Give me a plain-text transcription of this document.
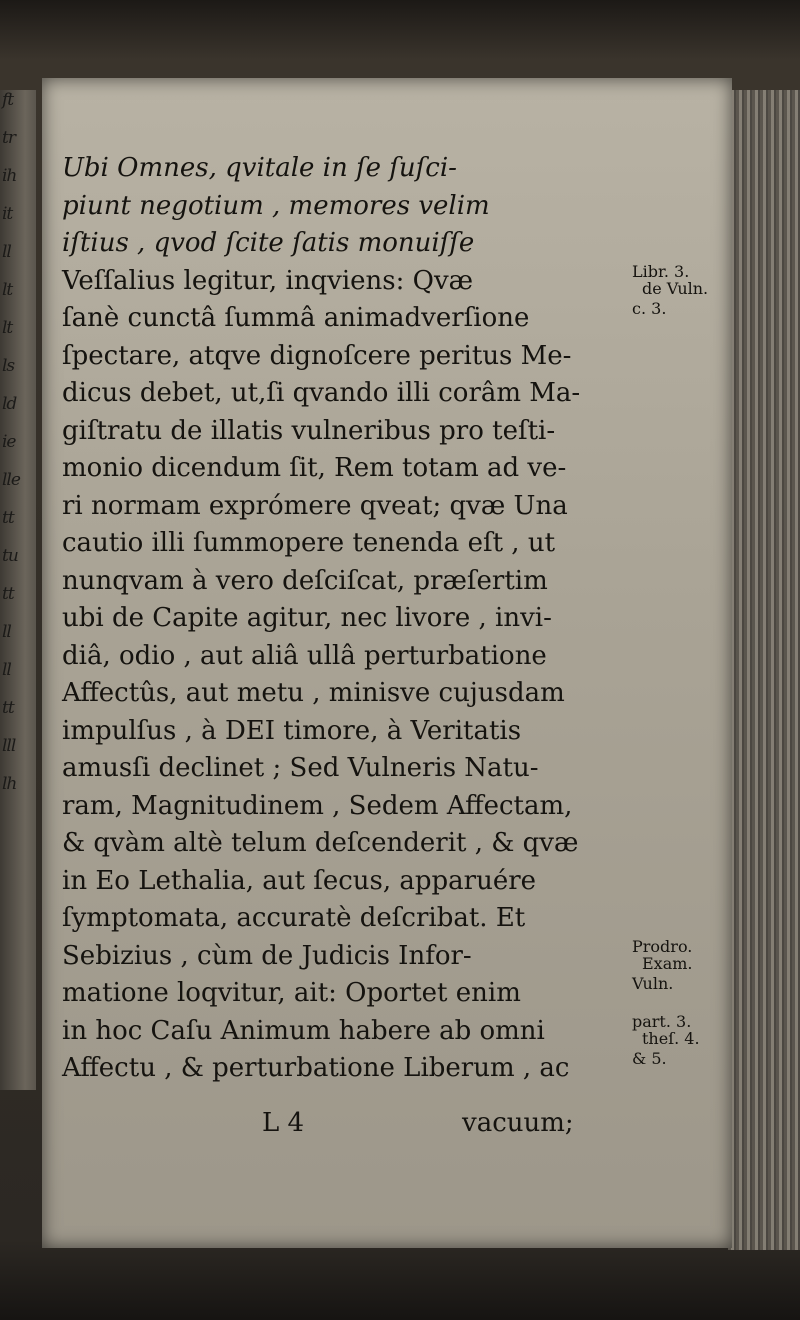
ft
tr
ih
it
ll
lt
lt
ls
ld
ie
lle
tt
tu
tt
ll
ll
tt
lll
lh
Ubi Omnes, qvitale in ſe ſuſci-
piunt negotium , memores velim
iſtius , qvod ſcite ſatis monuiſſe
Veſſalius legitur, inqviens: Qvæ
ſanè cunctâ ſummâ animadverſione
ſpectare, atqve dignoſcere peritus Me-
dicus debet, ut,ſi qvando illi corâm Ma-
giſtratu de illatis vulneribus pro teſti-
monio dicendum ſit, Rem totam ad ve-
ri normam exprómere qveat; qvæ Una
cautio illi ſummopere tenenda eſt , ut
nunqvam à vero deſciſcat, præſertim
ubi de Capite agitur, nec livore , invi-
diâ, odio , aut aliâ ullâ perturbatione
Affectûs, aut metu , minisve cujusdam
impulſus , à DEI timore, à Veritatis
amusſi declinet ; Sed Vulneris Natu-
ram, Magnitudinem , Sedem Affectam,
& qvàm altè telum deſcenderit , & qvæ
in Eo Lethalia, aut ſecus, apparuére
ſymptomata, accuratè deſcribat. Et
Sebizius , cùm de Judicis Infor-
matione loqvitur, ait: Oportet enim
in hoc Caſu Animum habere ab omni
Affectu , & perturbatione Liberum , ac
Libr. 3.
de Vuln.
c. 3.
Prodro.
Exam.
Vuln.
part. 3.
theſ. 4.
& 5.
L 4	vacuum;
